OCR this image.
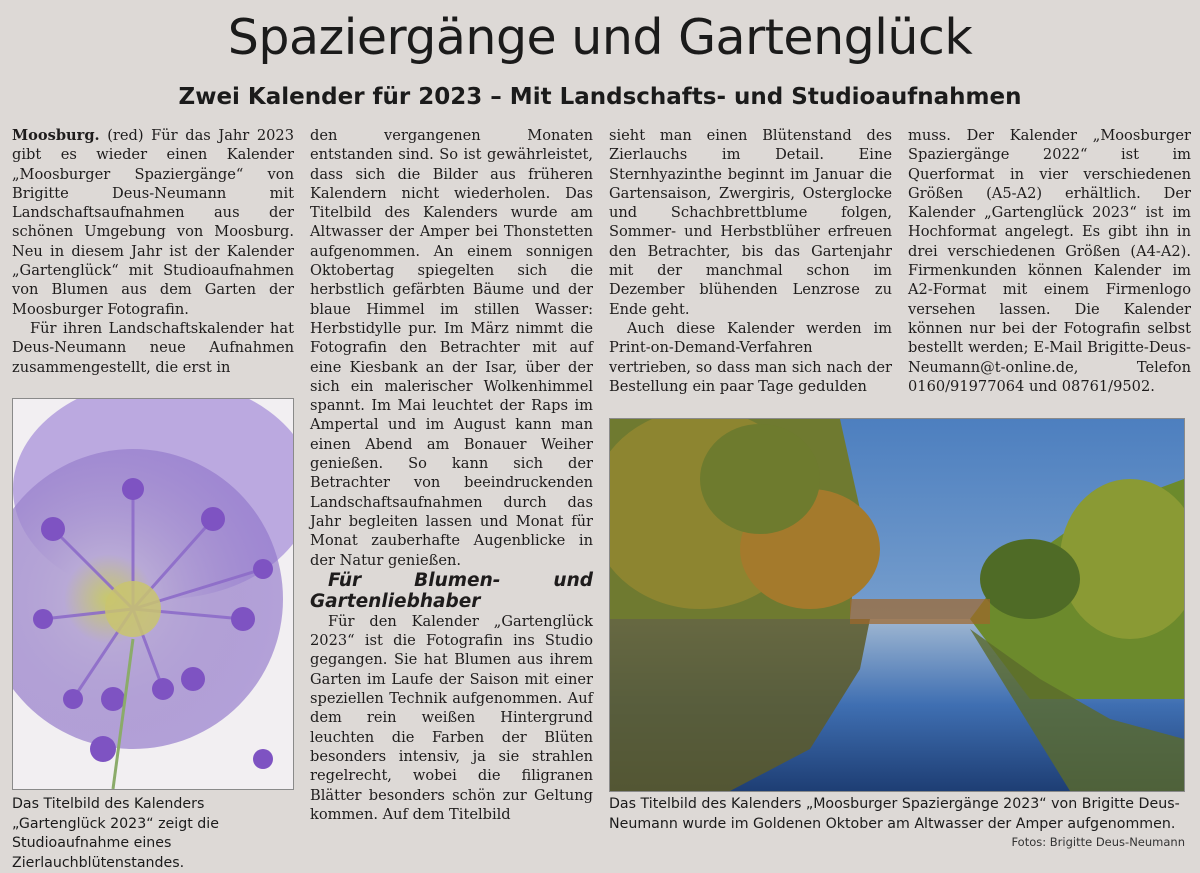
Spaziergänge und Gartenglück
Zwei Kalender für 2023 – Mit Landschafts- und Studioaufnahmen

Moosburg. (red) Für das Jahr 2023 gibt es wieder einen Kalender „Moosburger Spaziergänge“ von Brigitte Deus-Neumann mit Landschaftsaufnahmen aus der schönen Umgebung von Moosburg. Neu in diesem Jahr ist der Kalender „Gartenglück“ mit Studioaufnahmen von Blumen aus dem Garten der Moosburger Fotografin.

Für ihren Landschaftskalender hat Deus-Neumann neue Aufnahmen zusammengestellt, die erst in

Das Titelbild des Kalenders „Gartenglück 2023“ zeigt die Studioaufnahme eines Zierlauchblütenstandes.

den vergangenen Monaten entstanden sind. So ist gewährleistet, dass sich die Bilder aus früheren Kalendern nicht wiederholen. Das Titelbild des Kalenders wurde am Altwasser der Amper bei Thonstetten aufgenommen. An einem sonnigen Oktobertag spiegelten sich die herbstlich gefärbten Bäume und der blaue Himmel im stillen Wasser: Herbstidylle pur. Im März nimmt die Fotografin den Betrachter mit auf eine Kiesbank an der Isar, über der sich ein malerischer Wolkenhimmel spannt. Im Mai leuchtet der Raps im Ampertal und im August kann man einen Abend am Bonauer Weiher genießen. So kann sich der Betrachter von beeindruckenden Landschaftsaufnahmen durch das Jahr begleiten lassen und Monat für Monat zauberhafte Augenblicke in der Natur genießen.

Für Blumen- und Gartenliebhaber

Für den Kalender „Gartenglück 2023“ ist die Fotografin ins Studio gegangen. Sie hat Blumen aus ihrem Garten im Laufe der Saison mit einer speziellen Technik aufgenommen. Auf dem rein weißen Hintergrund leuchten die Farben der Blüten besonders intensiv, ja sie strahlen regelrecht, wobei die filigranen Blätter besonders schön zur Geltung kommen. Auf dem Titelbild

sieht man einen Blütenstand des Zierlauchs im Detail. Eine Sternhyazinthe beginnt im Januar die Gartensaison, Zwergiris, Osterglocke und Schachbrettblume folgen, Sommer- und Herbstblüher erfreuen den Betrachter, bis das Gartenjahr mit der manchmal schon im Dezember blühenden Lenzrose zu Ende geht.

Auch diese Kalender werden im Print-on-Demand-Verfahren vertrieben, so dass man sich nach der Bestellung ein paar Tage gedulden

muss. Der Kalender „Moosburger Spaziergänge 2022“ ist im Querformat in vier verschiedenen Größen (A5-A2) erhältlich. Der Kalender „Gartenglück 2023“ ist im Hochformat angelegt. Es gibt ihn in drei verschiedenen Größen (A4-A2). Firmenkunden können Kalender im A2-Format mit einem Firmenlogo versehen lassen. Die Kalender können nur bei der Fotografin selbst bestellt werden; E-Mail Brigitte-Deus-Neumann@t-online.de, Telefon 0160/91977064 und 08761/9502.

Das Titelbild des Kalenders „Moosburger Spaziergänge 2023“ von Brigitte Deus-Neumann wurde im Goldenen Oktober am Altwasser der Amper aufgenommen.
Fotos: Brigitte Deus-Neumann
